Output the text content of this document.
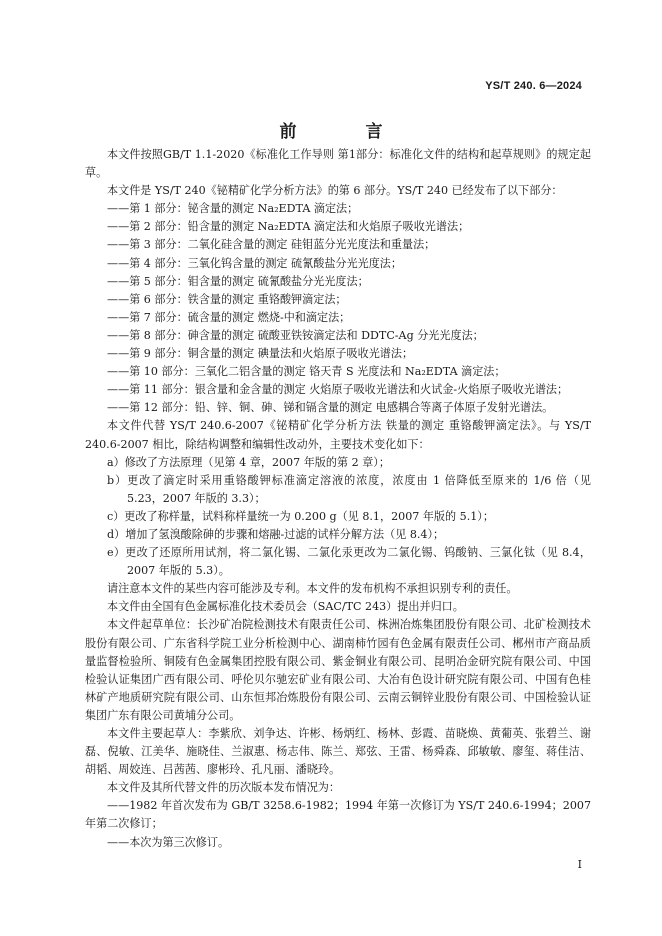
YS/T 240. 6—2024
前　言

本文件按照GB/T 1.1-2020《标准化工作导则 第1部分：标准化文件的结构和起草规则》的规定起草。

本文件是 YS/T 240《铋精矿化学分析方法》的第 6 部分。YS/T 240 已经发布了以下部分：

——第 1 部分：铋含量的测定 Na₂EDTA 滴定法；

——第 2 部分：铅含量的测定 Na₂EDTA 滴定法和火焰原子吸收光谱法；

——第 3 部分：二氧化硅含量的测定 硅钼蓝分光光度法和重量法；

——第 4 部分：三氧化钨含量的测定 硫氰酸盐分光光度法；

——第 5 部分：钼含量的测定 硫氰酸盐分光光度法；

——第 6 部分：铁含量的测定 重铬酸钾滴定法；

——第 7 部分：硫含量的测定 燃烧-中和滴定法；

——第 8 部分：砷含量的测定 硫酸亚铁铵滴定法和 DDTC-Ag 分光光度法；

——第 9 部分：铜含量的测定 碘量法和火焰原子吸收光谱法；

——第 10 部分：三氧化二铝含量的测定 铬天青 S 光度法和 Na₂EDTA 滴定法；

——第 11 部分：银含量和金含量的测定 火焰原子吸收光谱法和火试金-火焰原子吸收光谱法；

——第 12 部分：铅、锌、铜、砷、锑和镉含量的测定 电感耦合等离子体原子发射光谱法。

本文件代替 YS/T 240.6-2007《铋精矿化学分析方法 铁量的测定 重铬酸钾滴定法》。与 YS/T 240.6-2007 相比，除结构调整和编辑性改动外，主要技术变化如下：

a）修改了方法原理（见第 4 章，2007 年版的第 2 章）；

b）更改了滴定时采用重铬酸钾标准滴定溶液的浓度，浓度由 1 倍降低至原来的 1/6 倍（见 5.23，2007 年版的 3.3）；

c）更改了称样量，试料称样量统一为 0.200 g（见 8.1，2007 年版的 5.1）；

d）增加了氢溴酸除砷的步骤和熔融-过滤的试样分解方法（见 8.4）；

e）更改了还原所用试剂，将二氯化锡、二氯化汞更改为二氯化锡、钨酸钠、三氯化钛（见 8.4，2007 年版的 5.3）。

请注意本文件的某些内容可能涉及专利。本文件的发布机构不承担识别专利的责任。

本文件由全国有色金属标准化技术委员会（SAC/TC 243）提出并归口。

本文件起草单位：长沙矿冶院检测技术有限责任公司、株洲冶炼集团股份有限公司、北矿检测技术股份有限公司、广东省科学院工业分析检测中心、湖南柿竹园有色金属有限责任公司、郴州市产商品质量监督检验所、铜陵有色金属集团控股有限公司、紫金铜业有限公司、昆明冶金研究院有限公司、中国检验认证集团广西有限公司、呼伦贝尔驰宏矿业有限公司、大冶有色设计研究院有限公司、中国有色桂林矿产地质研究院有限公司、山东恒邦冶炼股份有限公司、云南云铜锌业股份有限公司、中国检验认证集团广东有限公司黄埔分公司。

本文件主要起草人：李紫欣、刘争达、许彬、杨炳红、杨林、彭霞、苗晓焕、黄葡英、张碧兰、谢磊、倪敏、江美华、施晓佳、兰淑惠、杨志伟、陈兰、郑弦、王雷、杨舜森、邱敏敏、廖玺、蒋佳洁、胡韬、周姣连、吕茜茜、廖彬玲、孔凡丽、潘晓玲。

本文件及其所代替文件的历次版本发布情况为：

——1982 年首次发布为 GB/T 3258.6-1982；1994 年第一次修订为 YS/T 240.6-1994；2007 年第二次修订；

——本次为第三次修订。

I
